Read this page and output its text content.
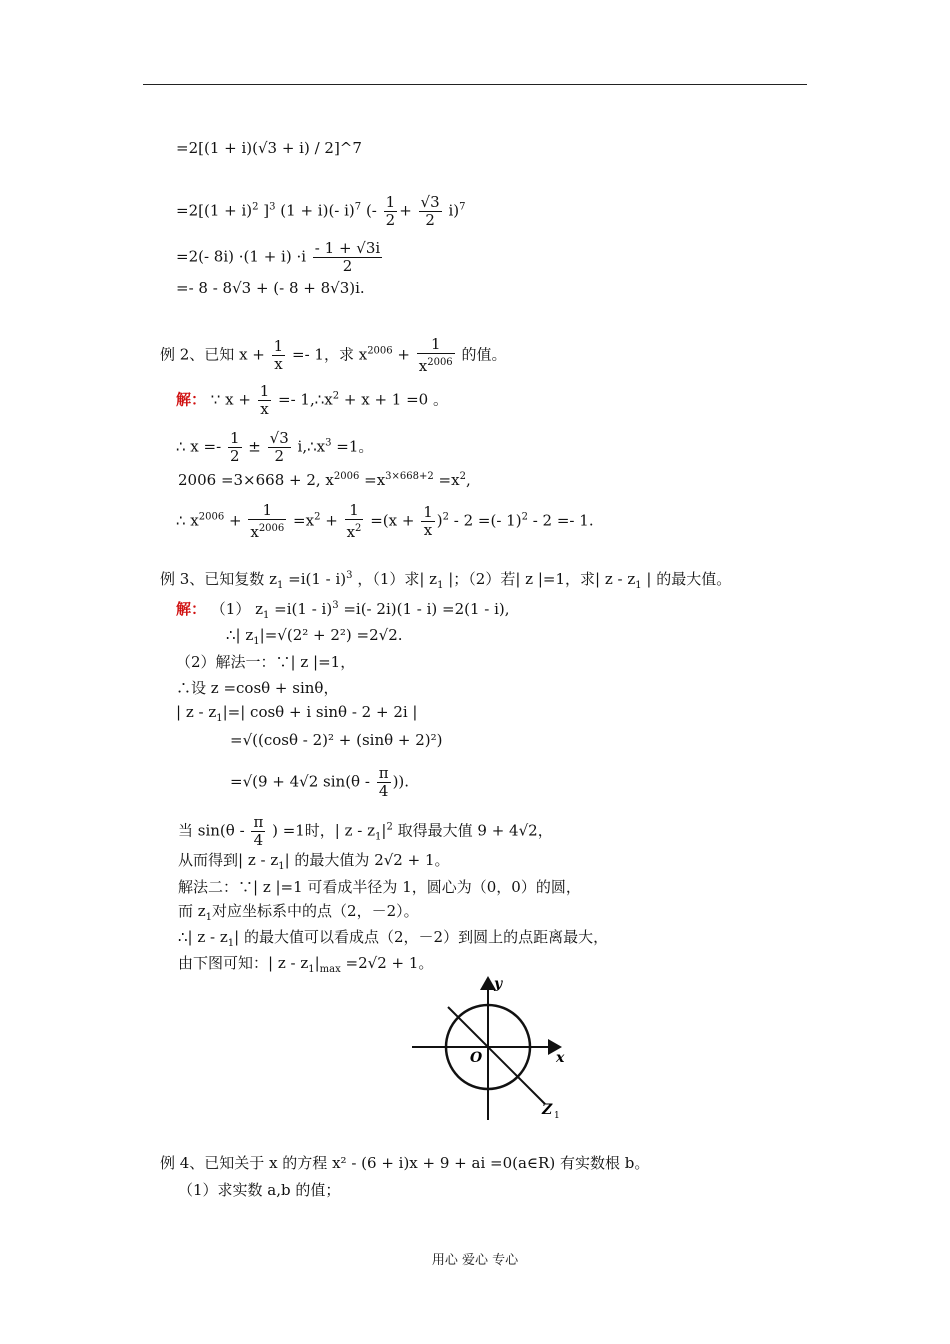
=2[(1 + i)(√3 + i) / 2]^7
$=2[(1 + i)^2$ ]$^3$ (1 + i)(- i)$^7$ (- $\frac{1}{2} + \frac{√3}{2} i)^7$
=2(- $8i) \cdot(1 + i) \cdot i \frac{- 1 + √3i}{2}$
=- 8 - 8√3 + (- 8 + 8√3)i.
例 2、已知 $x + \frac{1}{x} =- 1$，求 $x^{2006} + \frac{1}{x^{2006}}$ 的值。
解： ∵ $x + \frac{1}{x}$ =- $1,\therefore x^2 + x + 1 =0$ 。
∴ $x =- \frac{1}{2} \pm \frac{√3}{2}$ $i,\therefore x^3 =1$。
2006 =3×668 + 2, $x^{2006} =x^{3\times 668+2} =x^2$,
∴ $x^{2006} + \frac{1}{x^{2006}} =x^2 + \frac{1}{x^2} =(x + \frac{1}{x} )^2 - 2$ =(- 1)$^2$ - 2 =- 1.
例 3、已知复数 $z_1 =i(1 - i)^3$ ，（1）求| $z_1$ |；（2）若| z |=1，求| z - $z_1$ | 的最大值。
解： （1） $z_1 =i(1 - i)^3 =i(-$ 2i)(1 - i) =2(1 - i),
∴| $z_1|=√(2^2 + 2^2) =2√2$.
（2）解法一：∵| z |=1，
∴设 z =cosθ + sinθ，
| $z - z_1|=|$ cosθ + i sinθ - 2 + 2i |
=√((cosθ - 2)² + (sinθ + 2)²)
=√(9 + 4√2 $\sin(\theta - \frac{\pi}{4}$ )).
当 $\sin(\theta - \frac{\pi}{4}$ ) =1时，| z - $z_1|^2$ 取得最大值 9 + 4√2，
从而得到| z - $z_1|$ 的最大值为 2√2 + 1。
解法二：∵| z |=1 可看成半径为 1，圆心为（0，0）的圆，
而 $z_1$对应坐标系中的点（2，－2）。
∴| z - $z_1|$ 的最大值可以看成点（2，－2）到圆上的点距离最大，
由下图可知：| $z - z_1|_{max} =2√2 + 1$。
x
y
O
Z 1
例 4、已知关于 x 的方程 x² - (6 + i)x + 9 + ai =0(a∈R) 有实数根 b。
（1）求实数 a,b 的值；
用心 爱心 专心
